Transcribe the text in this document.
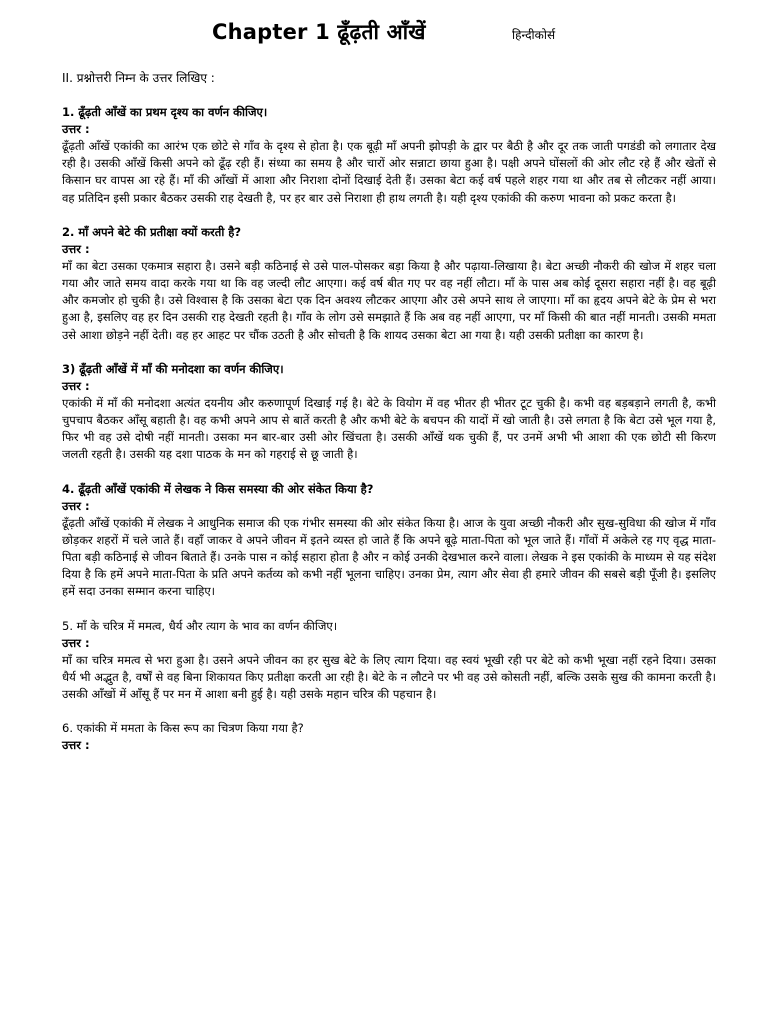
Chapter 1 ढूँढ़ती आँखें	हिन्दीकोर्स
II. प्रश्नोत्तरी निम्न के उत्तर लिखिए :
1. ढूँढ़ती आँखें का प्रथम दृश्य का वर्णन कीजिए।
उत्तर :
ढूँढ़ती आँखें एकांकी का आरंभ एक छोटे से गाँव के दृश्य से होता है। एक बूढ़ी माँ अपनी झोपड़ी के द्वार पर बैठी है और दूर तक जाती पगडंडी को लगातार देख रही है। उसकी आँखें किसी अपने को ढूँढ़ रही हैं। संध्या का समय है और चारों ओर सन्नाटा छाया हुआ है। पक्षी अपने घोंसलों की ओर लौट रहे हैं और खेतों से किसान घर वापस आ रहे हैं। माँ की आँखों में आशा और निराशा दोनों दिखाई देती हैं। उसका बेटा कई वर्ष पहले शहर गया था और तब से लौटकर नहीं आया। वह प्रतिदिन इसी प्रकार बैठकर उसकी राह देखती है, पर हर बार उसे निराशा ही हाथ लगती है। यही दृश्य एकांकी की करुण भावना को प्रकट करता है।
2. माँ अपने बेटे की प्रतीक्षा क्यों करती है?
उत्तर :
माँ का बेटा उसका एकमात्र सहारा है। उसने बड़ी कठिनाई से उसे पाल-पोसकर बड़ा किया है और पढ़ाया-लिखाया है। बेटा अच्छी नौकरी की खोज में शहर चला गया और जाते समय वादा करके गया था कि वह जल्दी लौट आएगा। कई वर्ष बीत गए पर वह नहीं लौटा। माँ के पास अब कोई दूसरा सहारा नहीं है। वह बूढ़ी और कमजोर हो चुकी है। उसे विश्वास है कि उसका बेटा एक दिन अवश्य लौटकर आएगा और उसे अपने साथ ले जाएगा। माँ का हृदय अपने बेटे के प्रेम से भरा हुआ है, इसलिए वह हर दिन उसकी राह देखती रहती है। गाँव के लोग उसे समझाते हैं कि अब वह नहीं आएगा, पर माँ किसी की बात नहीं मानती। उसकी ममता उसे आशा छोड़ने नहीं देती। वह हर आहट पर चौंक उठती है और सोचती है कि शायद उसका बेटा आ गया है। यही उसकी प्रतीक्षा का कारण है।
3) ढूँढ़ती आँखें में माँ की मनोदशा का वर्णन कीजिए।
उत्तर :
एकांकी में माँ की मनोदशा अत्यंत दयनीय और करुणापूर्ण दिखाई गई है। बेटे के वियोग में वह भीतर ही भीतर टूट चुकी है। कभी वह बड़बड़ाने लगती है, कभी चुपचाप बैठकर आँसू बहाती है। वह कभी अपने आप से बातें करती है और कभी बेटे के बचपन की यादों में खो जाती है। उसे लगता है कि बेटा उसे भूल गया है, फिर भी वह उसे दोषी नहीं मानती। उसका मन बार-बार उसी ओर खिंचता है। उसकी आँखें थक चुकी हैं, पर उनमें अभी भी आशा की एक छोटी सी किरण जलती रहती है। उसकी यह दशा पाठक के मन को गहराई से छू जाती है।
4. ढूँढ़ती आँखें एकांकी में लेखक ने किस समस्या की ओर संकेत किया है?
उत्तर :
ढूँढ़ती आँखें एकांकी में लेखक ने आधुनिक समाज की एक गंभीर समस्या की ओर संकेत किया है। आज के युवा अच्छी नौकरी और सुख-सुविधा की खोज में गाँव छोड़कर शहरों में चले जाते हैं। वहाँ जाकर वे अपने जीवन में इतने व्यस्त हो जाते हैं कि अपने बूढ़े माता-पिता को भूल जाते हैं। गाँवों में अकेले रह गए वृद्ध माता-पिता बड़ी कठिनाई से जीवन बिताते हैं। उनके पास न कोई सहारा होता है और न कोई उनकी देखभाल करने वाला। लेखक ने इस एकांकी के माध्यम से यह संदेश दिया है कि हमें अपने माता-पिता के प्रति अपने कर्तव्य को कभी नहीं भूलना चाहिए। उनका प्रेम, त्याग और सेवा ही हमारे जीवन की सबसे बड़ी पूँजी है। इसलिए हमें सदा उनका सम्मान करना चाहिए।
5. माँ के चरित्र में ममत्व, धैर्य और त्याग के भाव का वर्णन कीजिए।
उत्तर :
माँ का चरित्र ममत्व से भरा हुआ है। उसने अपने जीवन का हर सुख बेटे के लिए त्याग दिया। वह स्वयं भूखी रही पर बेटे को कभी भूखा नहीं रहने दिया। उसका धैर्य भी अद्भुत है, वर्षों से वह बिना शिकायत किए प्रतीक्षा करती आ रही है। बेटे के न लौटने पर भी वह उसे कोसती नहीं, बल्कि उसके सुख की कामना करती है। उसकी आँखों में आँसू हैं पर मन में आशा बनी हुई है। यही उसके महान चरित्र की पहचान है।
6. एकांकी में ममता के किस रूप का चित्रण किया गया है?
उत्तर :
